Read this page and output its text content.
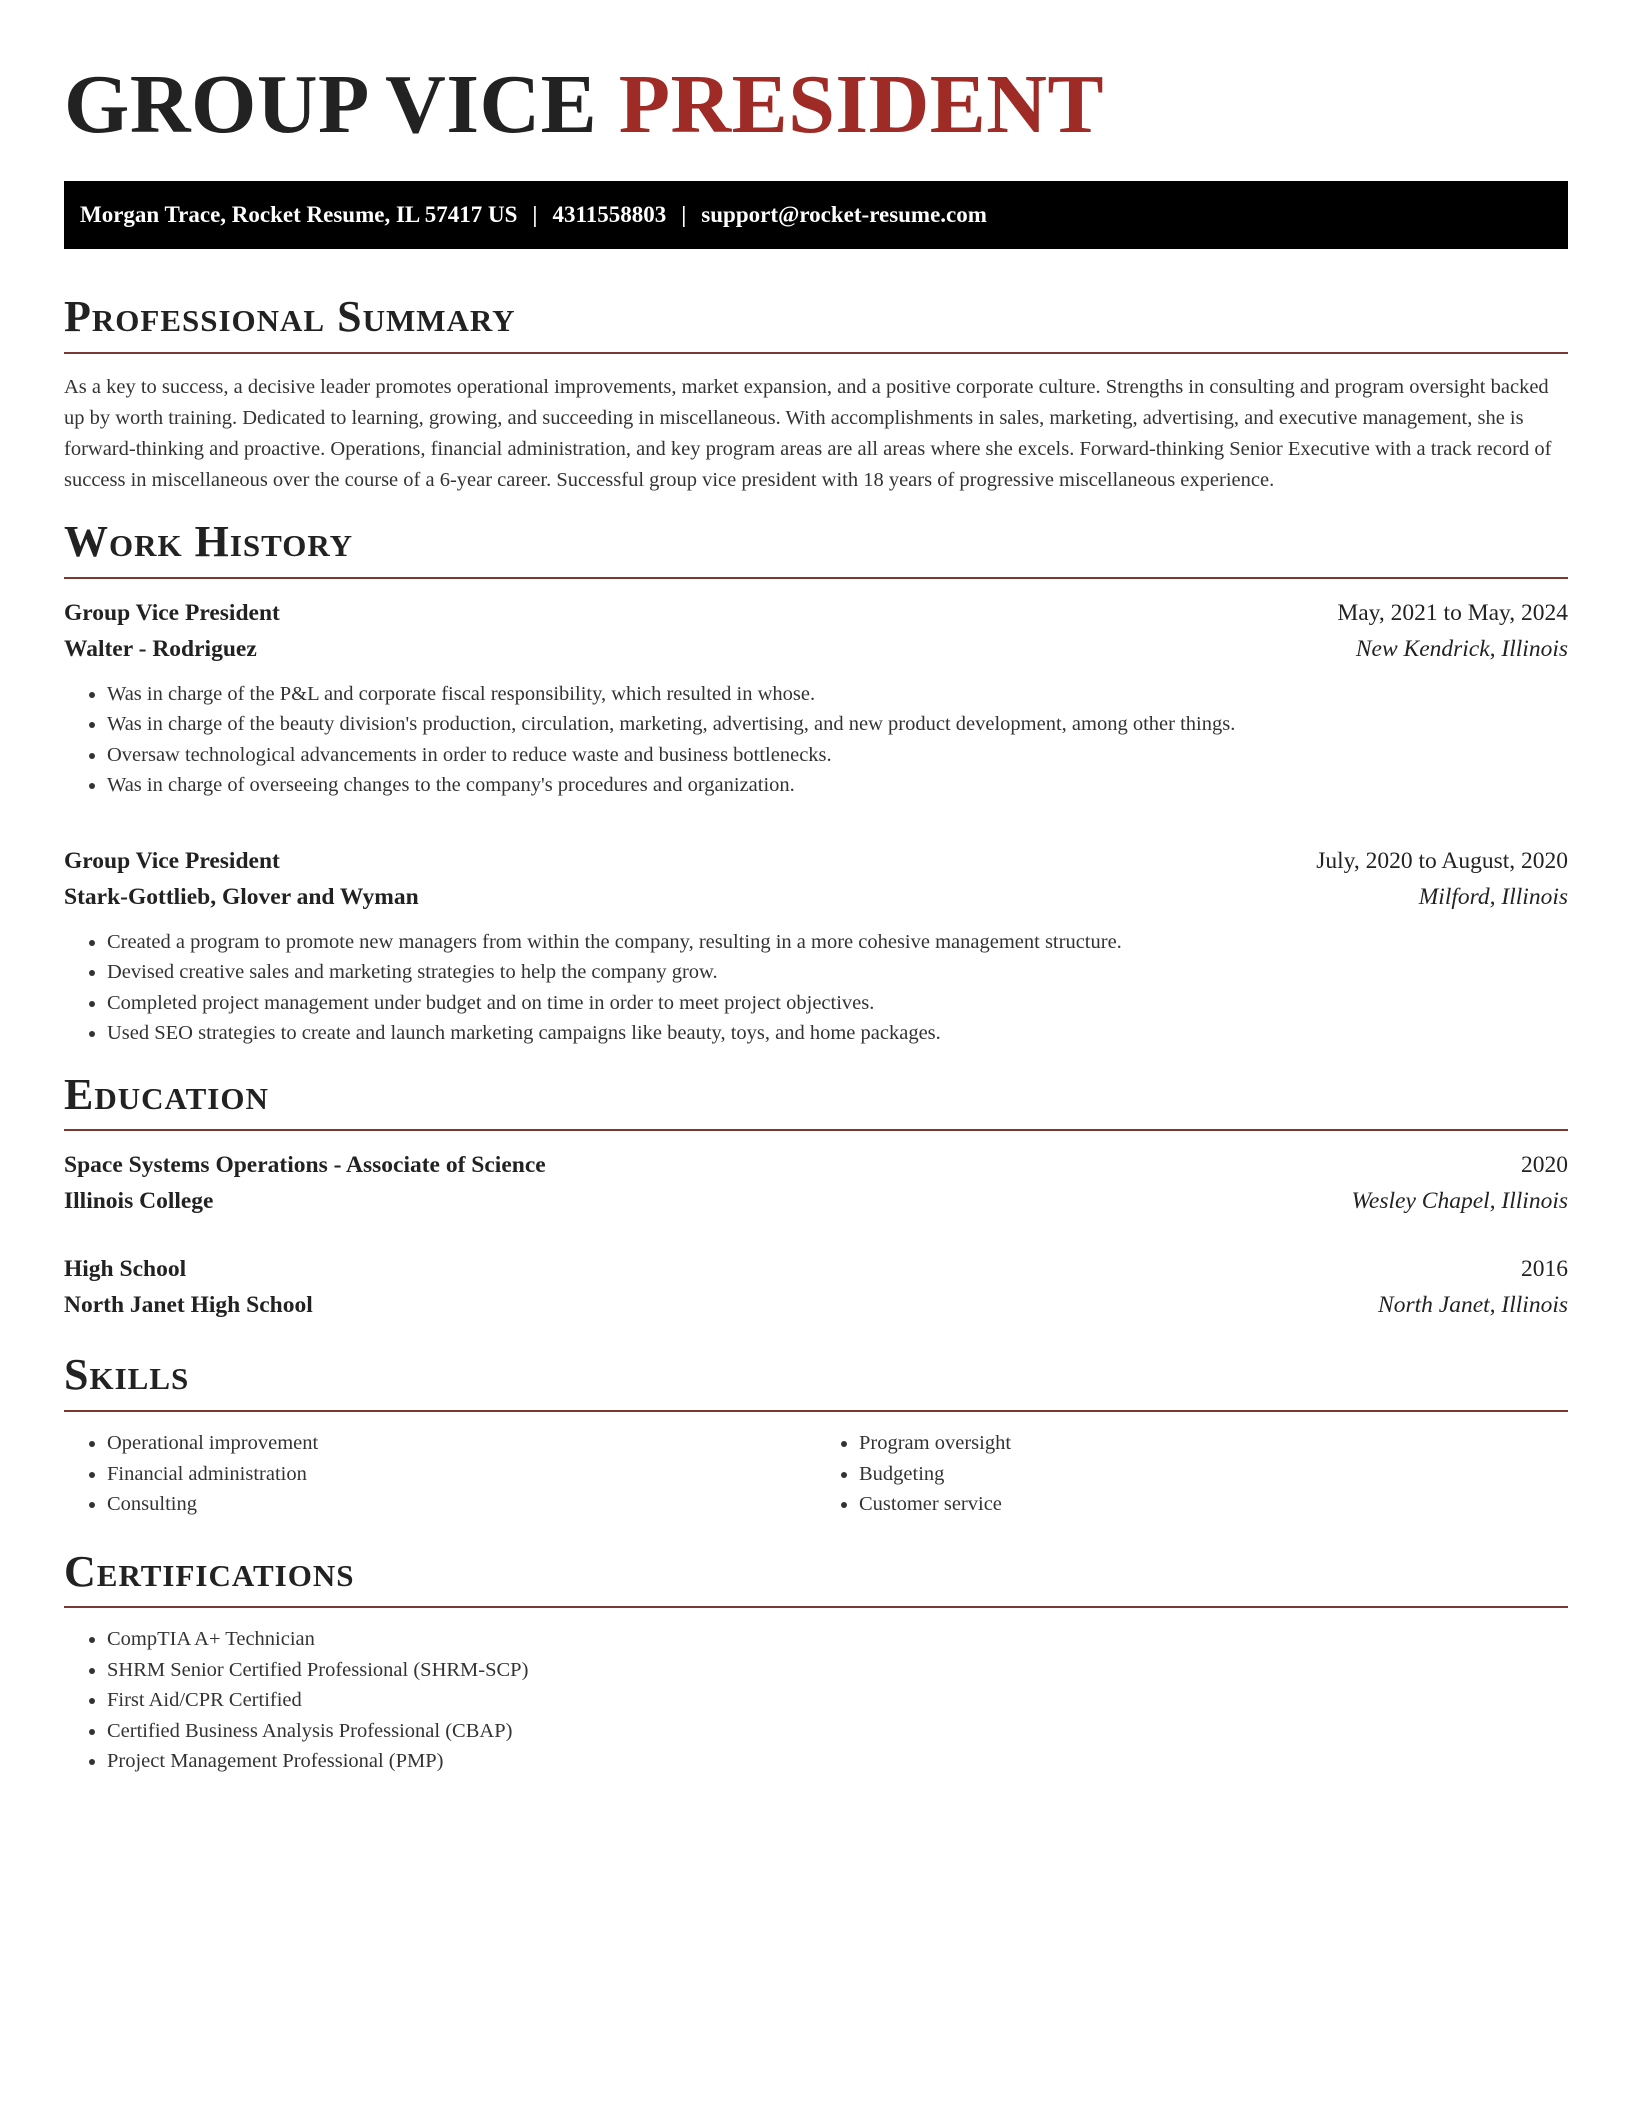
GROUP VICE PRESIDENT
Morgan Trace, Rocket Resume, IL 57417 US | 4311558803 | support@rocket-resume.com
Professional Summary

As a key to success, a decisive leader promotes operational improvements, market expansion, and a positive corporate culture. Strengths in consulting and program oversight backed up by worth training. Dedicated to learning, growing, and succeeding in miscellaneous. With accomplishments in sales, marketing, advertising, and executive management, she is forward-thinking and proactive. Operations, financial administration, and key program areas are all areas where she excels. Forward-thinking Senior Executive with a track record of success in miscellaneous over the course of a 6-year career. Successful group vice president with 18 years of progressive miscellaneous experience.

Work History
Group Vice President	May, 2021 to May, 2024
Walter - Rodriguez	New Kendrick, Illinois
• Was in charge of the P&L and corporate fiscal responsibility, which resulted in whose.
• Was in charge of the beauty division's production, circulation, marketing, advertising, and new product development, among other things.
• Oversaw technological advancements in order to reduce waste and business bottlenecks.
• Was in charge of overseeing changes to the company's procedures and organization.
Group Vice President	July, 2020 to August, 2020
Stark-Gottlieb, Glover and Wyman	Milford, Illinois
• Created a program to promote new managers from within the company, resulting in a more cohesive management structure.
• Devised creative sales and marketing strategies to help the company grow.
• Completed project management under budget and on time in order to meet project objectives.
• Used SEO strategies to create and launch marketing campaigns like beauty, toys, and home packages.
Education
Space Systems Operations - Associate of Science	2020
Illinois College	Wesley Chapel, Illinois
High School	2016
North Janet High School	North Janet, Illinois
Skills
• Operational improvement
• Financial administration
• Consulting
• Program oversight
• Budgeting
• Customer service
Certifications
• CompTIA A+ Technician
• SHRM Senior Certified Professional (SHRM-SCP)
• First Aid/CPR Certified
• Certified Business Analysis Professional (CBAP)
• Project Management Professional (PMP)
